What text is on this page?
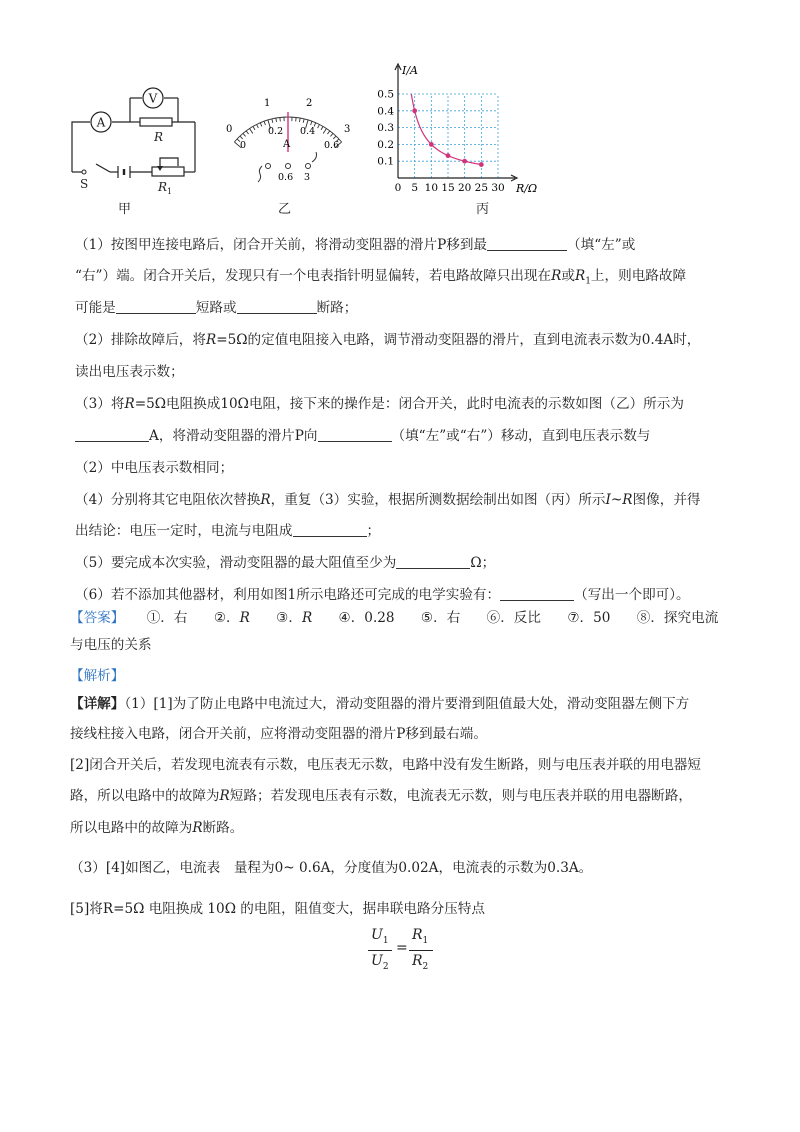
A
V
R
S	$R_1$
甲
0
1	2
3
0
0.2 0.4
0.6
A
0.6 3
乙
I/A
R/Ω
0.5
0.4
0.3
0.2
0.1
0 5 10 15 20 25 30
丙
（1）按图甲连接电路后，闭合开关前，将滑动变阻器的滑片P移到最	（填“左”或
“右”）端。闭合开关后，发现只有一个电表指针明显偏转，若电路故障只出现在R或$R_1$上，则电路故障
可能是	短路或	断路；
（2）排除故障后，将R=5Ω的定值电阻接入电路，调节滑动变阻器的滑片，直到电流表示数为0.4A时，
读出电压表示数；
（3）将R=5Ω电阻换成10Ω电阻，接下来的操作是：闭合开关，此时电流表的示数如图（乙）所示为
A，将滑动变阻器的滑片P向	（填“左”或“右”）移动，直到电压表示数与
（2）中电压表示数相同；
（4）分别将其它电阻依次替换R，重复（3）实验，根据所测数据绘制出如图（丙）所示I~R图像，并得
出结论：电压一定时，电流与电阻成	；
（5）要完成本次实验，滑动变阻器的最大阻值至少为	Ω；
（6）若不添加其他器材，利用如图1所示电路还可完成的电学实验有：	（写出一个即可）。
【答案】 ①．右 ②．R ③．R ④．0.28 ⑤．右 ⑥．反比 ⑦．50 ⑧．探究电流
与电压的关系
【解析】
【详解】（1）[1]为了防止电路中电流过大，滑动变阻器的滑片要滑到阻值最大处，滑动变阻器左侧下方
接线柱接入电路，闭合开关前，应将滑动变阻器的滑片P移到最右端。
[2]闭合开关后，若发现电流表有示数，电压表无示数，电路中没有发生断路，则与电压表并联的用电器短
路，所以电路中的故障为R短路；若发现电压表有示数，电流表无示数，则与电压表并联的用电器断路，
所以电路中的故障为R断路。
（3）[4]如图乙，电流表　量程为0~ 0.6A，分度值为0.02A，电流表的示数为0.3A。
[5]将R=5Ω 电阻换成 10Ω 的电阻，阻值变大，据串联电路分压特点
$U_1$
$U_2$
=
$R_1$
$R_2$
